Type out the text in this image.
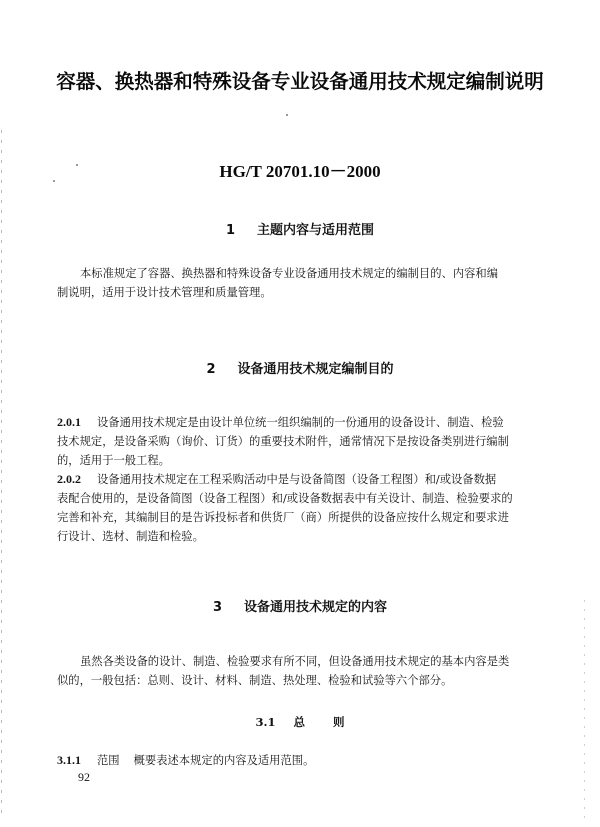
容器、换热器和特殊设备专业设备通用技术规定编制说明
HG/T 20701.10－2000
1 主题内容与适用范围
本标准规定了容器、换热器和特殊设备专业设备通用技术规定的编制目的、内容和编
制说明，适用于设计技术管理和质量管理。
2 设备通用技术规定编制目的
2.0.1 设备通用技术规定是由设计单位统一组织编制的一份通用的设备设计、制造、检验
技术规定，是设备采购（询价、订货）的重要技术附件，通常情况下是按设备类别进行编制
的，适用于一般工程。
2.0.2 设备通用技术规定在工程采购活动中是与设备简图（设备工程图）和/或设备数据
表配合使用的，是设备简图（设备工程图）和/或设备数据表中有关设计、制造、检验要求的
完善和补充，其编制目的是告诉投标者和供货厂（商）所提供的设备应按什么规定和要求进
行设计、选材、制造和检验。
3 设备通用技术规定的内容
虽然各类设备的设计、制造、检验要求有所不同，但设备通用技术规定的基本内容是类
似的，一般包括：总则、设计、材料、制造、热处理、检验和试验等六个部分。
3.1 总 则
3.1.1 范围 概要表述本规定的内容及适用范围。
92
